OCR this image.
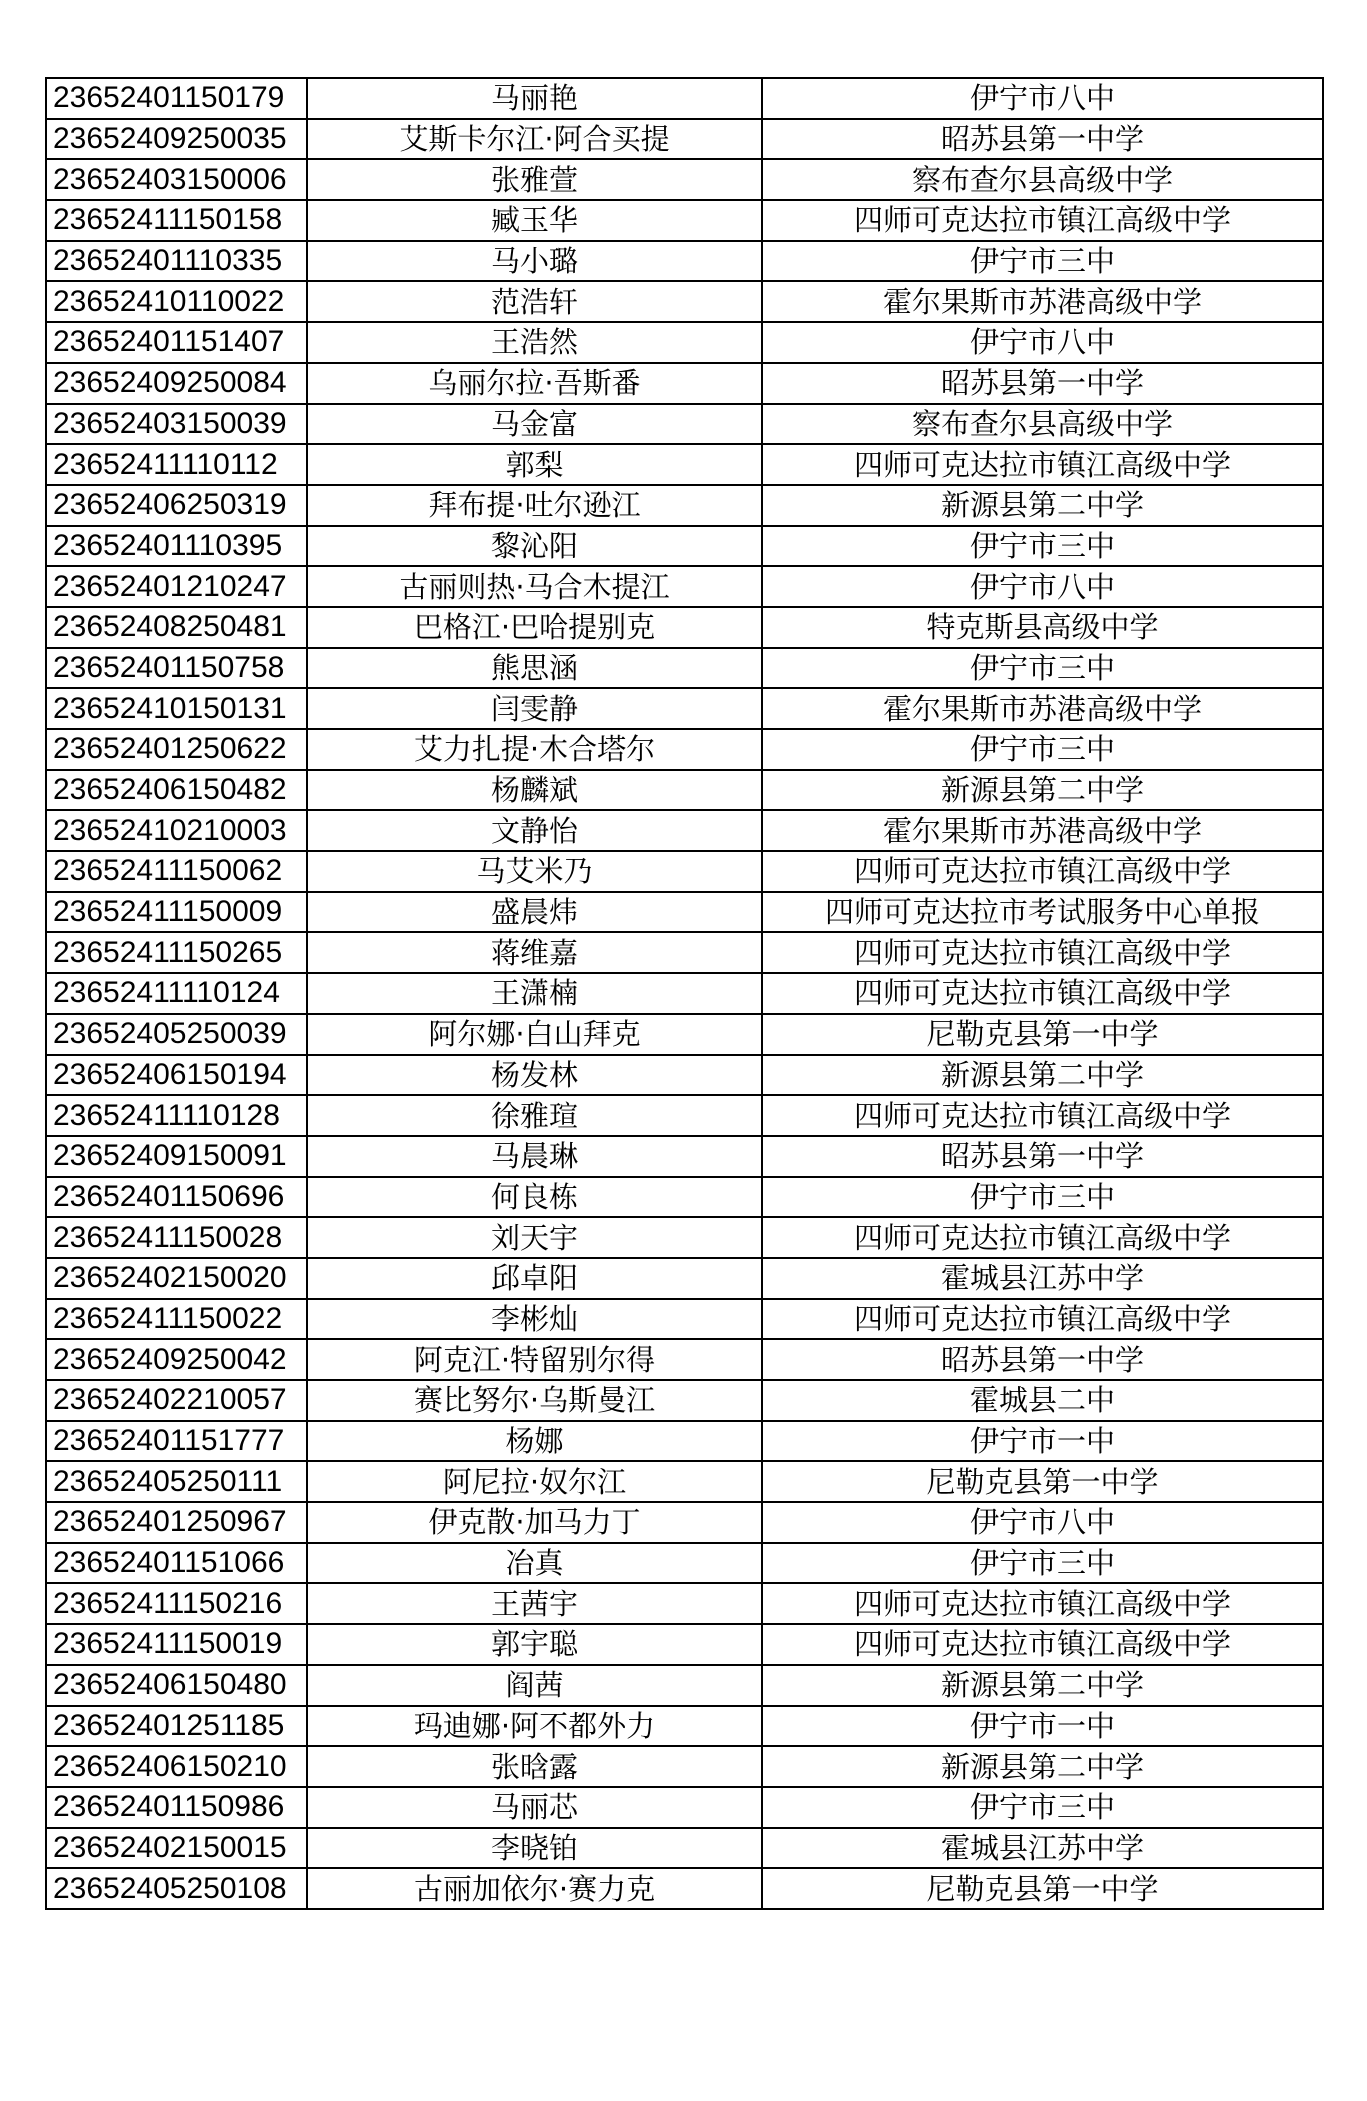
23652401150179	马丽艳	伊宁市八中
23652409250035	艾斯卡尔江·阿合买提	昭苏县第一中学
23652403150006	张雅萱	察布查尔县高级中学
23652411150158	臧玉华	四师可克达拉市镇江高级中学
23652401110335	马小璐	伊宁市三中
23652410110022	范浩轩	霍尔果斯市苏港高级中学
23652401151407	王浩然	伊宁市八中
23652409250084	乌丽尔拉·吾斯番	昭苏县第一中学
23652403150039	马金富	察布查尔县高级中学
23652411110112	郭梨	四师可克达拉市镇江高级中学
23652406250319	拜布提·吐尔逊江	新源县第二中学
23652401110395	黎沁阳	伊宁市三中
23652401210247	古丽则热·马合木提江	伊宁市八中
23652408250481	巴格江·巴哈提别克	特克斯县高级中学
23652401150758	熊思涵	伊宁市三中
23652410150131	闫雯静	霍尔果斯市苏港高级中学
23652401250622	艾力扎提·木合塔尔	伊宁市三中
23652406150482	杨麟斌	新源县第二中学
23652410210003	文静怡	霍尔果斯市苏港高级中学
23652411150062	马艾米乃	四师可克达拉市镇江高级中学
23652411150009	盛晨炜	四师可克达拉市考试服务中心单报
23652411150265	蒋维嘉	四师可克达拉市镇江高级中学
23652411110124	王潇楠	四师可克达拉市镇江高级中学
23652405250039	阿尔娜·白山拜克	尼勒克县第一中学
23652406150194	杨发林	新源县第二中学
23652411110128	徐雅瑄	四师可克达拉市镇江高级中学
23652409150091	马晨琳	昭苏县第一中学
23652401150696	何良栋	伊宁市三中
23652411150028	刘天宇	四师可克达拉市镇江高级中学
23652402150020	邱卓阳	霍城县江苏中学
23652411150022	李彬灿	四师可克达拉市镇江高级中学
23652409250042	阿克江·特留别尔得	昭苏县第一中学
23652402210057	赛比努尔·乌斯曼江	霍城县二中
23652401151777	杨娜	伊宁市一中
23652405250111	阿尼拉·奴尔江	尼勒克县第一中学
23652401250967	伊克散·加马力丁	伊宁市八中
23652401151066	冶真	伊宁市三中
23652411150216	王茜宇	四师可克达拉市镇江高级中学
23652411150019	郭宇聪	四师可克达拉市镇江高级中学
23652406150480	阎茜	新源县第二中学
23652401251185	玛迪娜·阿不都外力	伊宁市一中
23652406150210	张晗露	新源县第二中学
23652401150986	马丽芯	伊宁市三中
23652402150015	李晓铂	霍城县江苏中学
23652405250108	古丽加依尔·赛力克	尼勒克县第一中学
